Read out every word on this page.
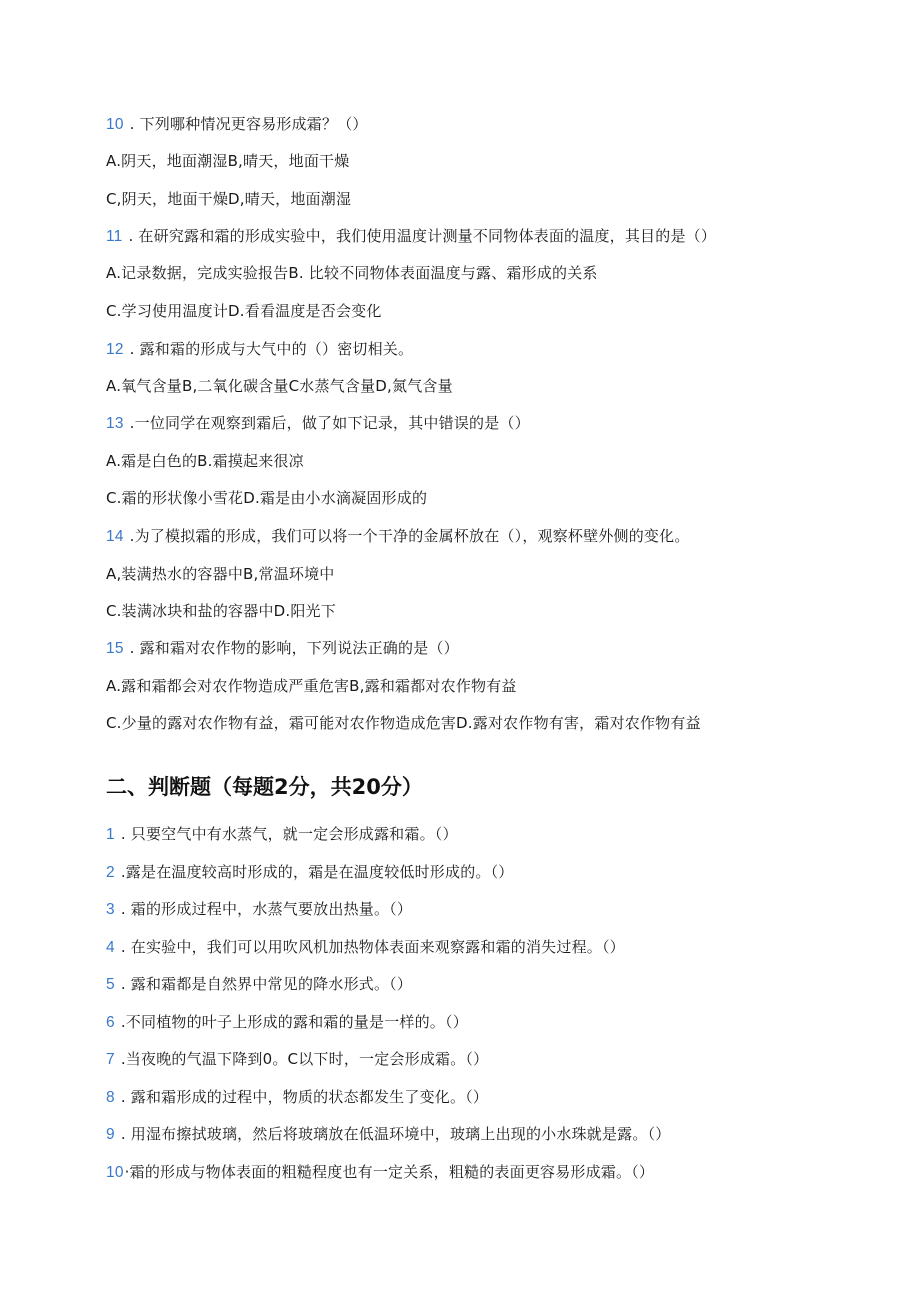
10 . 下列哪种情况更容易形成霜？（）
A.阴天，地面潮湿B,晴天，地面干燥
C,阴天，地面干燥D,晴天，地面潮湿
11 . 在研究露和霜的形成实验中，我们使用温度计测量不同物体表面的温度，其目的是（）
A.记录数据，完成实验报告B. 比较不同物体表面温度与露、霜形成的关系
C.学习使用温度计D.看看温度是否会变化
12 . 露和霜的形成与大气中的（）密切相关。
A.氧气含量B,二氧化碳含量C水蒸气含量D,氮气含量
13 .一位同学在观察到霜后，做了如下记录，其中错误的是（）
A.霜是白色的B.霜摸起来很凉
C.霜的形状像小雪花D.霜是由小水滴凝固形成的
14 .为了模拟霜的形成，我们可以将一个干净的金属杯放在（），观察杯壁外侧的变化。
A,装满热水的容器中B,常温环境中
C.装满冰块和盐的容器中D.阳光下
15 . 露和霜对农作物的影响，下列说法正确的是（）
A.露和霜都会对农作物造成严重危害B,露和霜都对农作物有益
C.少量的露对农作物有益，霜可能对农作物造成危害D.露对农作物有害，霜对农作物有益
二、判断题（每题2分，共20分）
1 . 只要空气中有水蒸气，就一定会形成露和霜。（）
2 .露是在温度较高时形成的，霜是在温度较低时形成的。（）
3 . 霜的形成过程中，水蒸气要放出热量。（）
4 . 在实验中，我们可以用吹风机加热物体表面来观察露和霜的消失过程。（）
5 . 露和霜都是自然界中常见的降水形式。（）
6 .不同植物的叶子上形成的露和霜的量是一样的。（）
7 .当夜晚的气温下降到0。C以下时，一定会形成霜。（）
8 . 露和霜形成的过程中，物质的状态都发生了变化。（）
9 . 用湿布擦拭玻璃，然后将玻璃放在低温环境中，玻璃上出现的小水珠就是露。（）
10·霜的形成与物体表面的粗糙程度也有一定关系，粗糙的表面更容易形成霜。（）
